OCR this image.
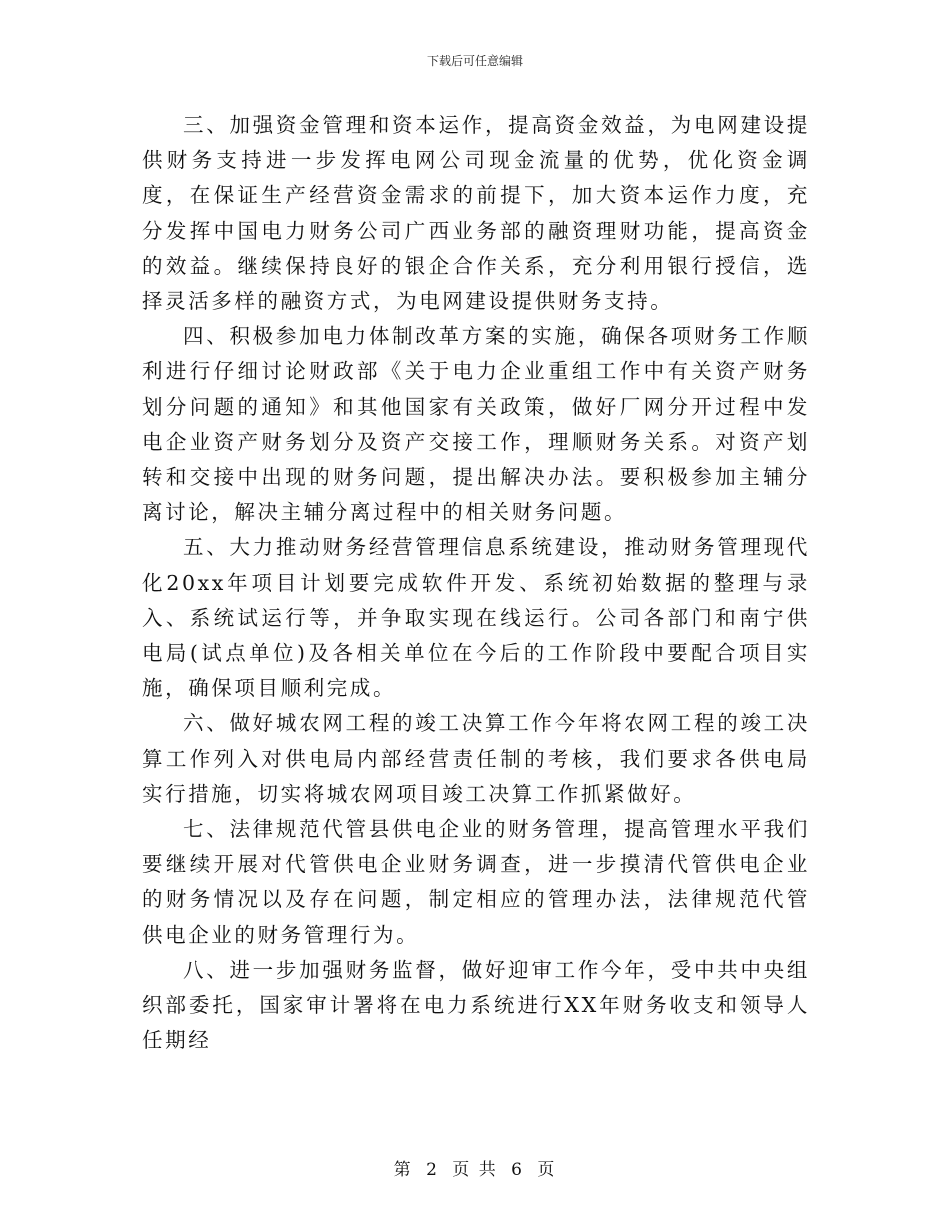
下载后可任意编辑

三、加强资金管理和资本运作，提高资金效益，为电网建设提供财务支持进一步发挥电网公司现金流量的优势，优化资金调度，在保证生产经营资金需求的前提下，加大资本运作力度，充分发挥中国电力财务公司广西业务部的融资理财功能，提高资金的效益。继续保持良好的银企合作关系，充分利用银行授信，选择灵活多样的融资方式，为电网建设提供财务支持。

四、积极参加电力体制改革方案的实施，确保各项财务工作顺利进行仔细讨论财政部《关于电力企业重组工作中有关资产财务划分问题的通知》和其他国家有关政策，做好厂网分开过程中发电企业资产财务划分及资产交接工作，理顺财务关系。对资产划转和交接中出现的财务问题，提出解决办法。要积极参加主辅分离讨论，解决主辅分离过程中的相关财务问题。

五、大力推动财务经营管理信息系统建设，推动财务管理现代化20xx年项目计划要完成软件开发、系统初始数据的整理与录入、系统试运行等，并争取实现在线运行。公司各部门和南宁供电局(试点单位)及各相关单位在今后的工作阶段中要配合项目实施，确保项目顺利完成。

六、做好城农网工程的竣工决算工作今年将农网工程的竣工决算工作列入对供电局内部经营责任制的考核，我们要求各供电局实行措施，切实将城农网项目竣工决算工作抓紧做好。

七、法律规范代管县供电企业的财务管理，提高管理水平我们要继续开展对代管供电企业财务调查，进一步摸清代管供电企业的财务情况以及存在问题，制定相应的管理办法，法律规范代管供电企业的财务管理行为。

八、进一步加强财务监督，做好迎审工作今年，受中共中央组织部委托，国家审计署将在电力系统进行XX年财务收支和领导人任期经

第 2 页 共 6 页
